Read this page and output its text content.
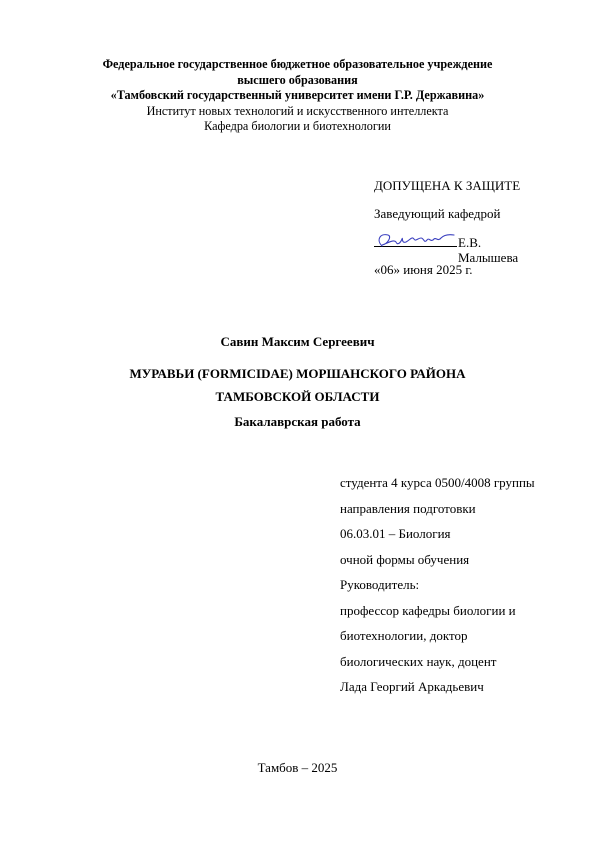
Федеральное государственное бюджетное образовательное учреждение
высшего образования
«Тамбовский государственный университет имени Г.Р. Державина»
Институт новых технологий и искусственного интеллекта
Кафедра биологии и биотехнологии
ДОПУЩЕНА К ЗАЩИТЕ
Заведующий кафедрой
Е.В. Малышева
«06» июня 2025 г.
Савин Максим Сергеевич
МУРАВЬИ (FORMICIDAE) МОРШАНСКОГО РАЙОНА
ТАМБОВСКОЙ ОБЛАСТИ
Бакалаврская работа
студента 4 курса 0500/4008 группы
направления подготовки
06.03.01 – Биология
очной формы обучения
Руководитель:
профессор кафедры биологии и
биотехнологии, доктор
биологических наук, доцент
Лада Георгий Аркадьевич
Тамбов – 2025
